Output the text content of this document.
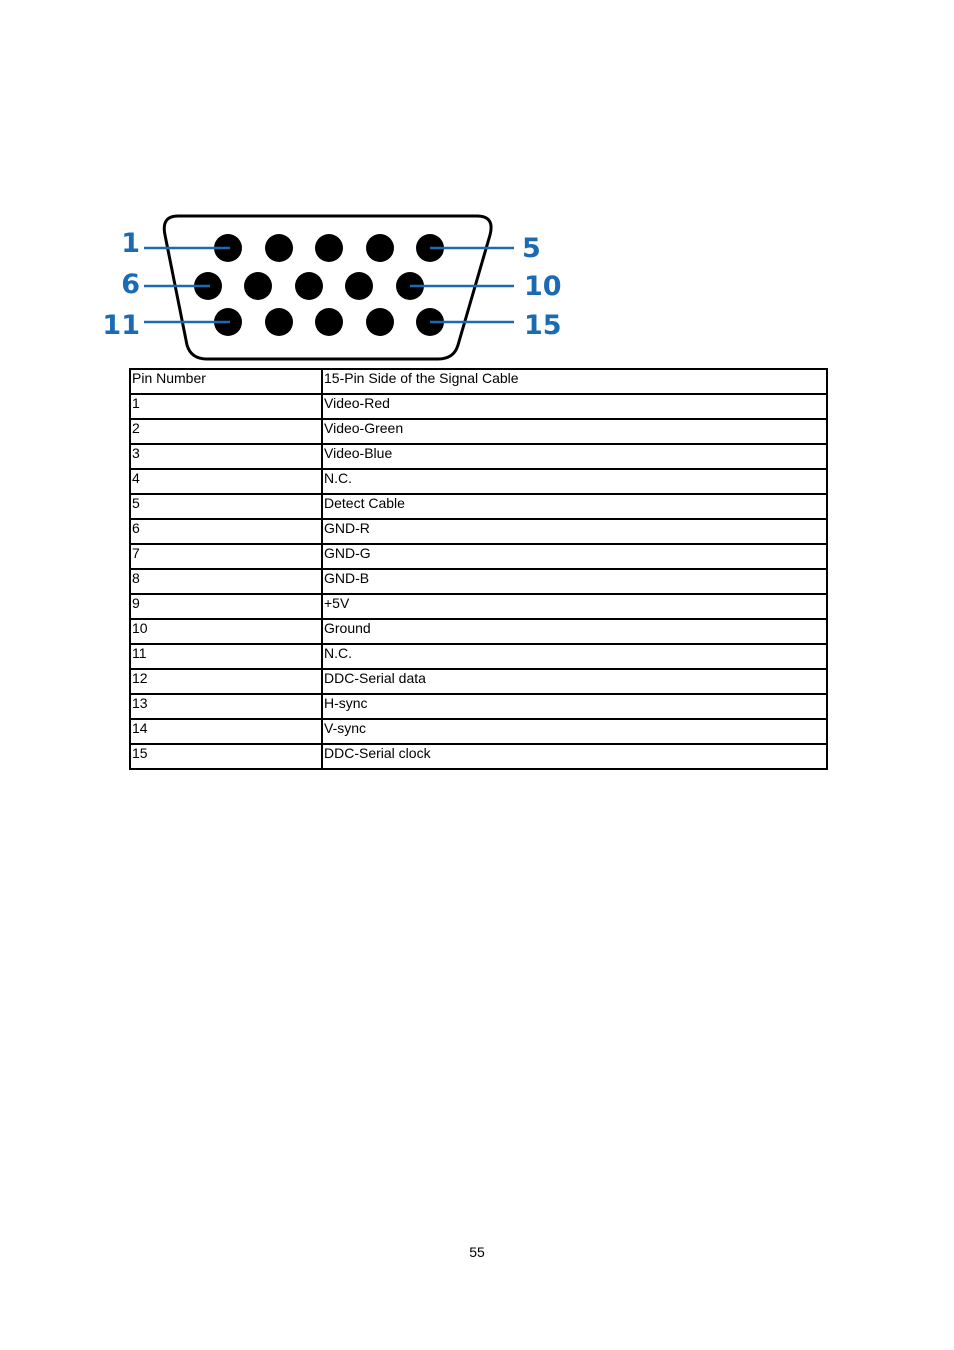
1	5
6	10
11	15
Pin Number	15-Pin Side of the Signal Cable
1	Video-Red
2	Video-Green
3	Video-Blue
4	N.C.
5	Detect Cable
6	GND-R
7	GND-G
8	GND-B
9	+5V
10	Ground
11	N.C.
12	DDC-Serial data
13	H-sync
14	V-sync
15	DDC-Serial clock
55
